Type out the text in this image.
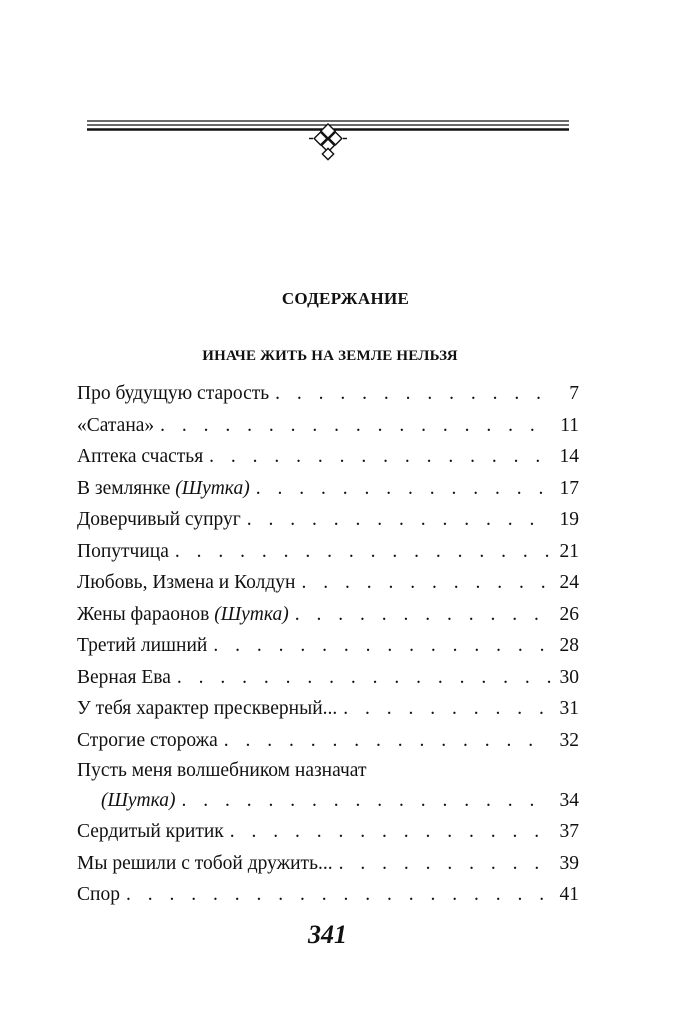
СОДЕРЖАНИЕ
ИНАЧЕ ЖИТЬ НА ЗЕМЛЕ НЕЛЬЗЯ
Про будущую старость . . .	7
«Сатана» . . .	11
Аптека счастья . . .	14
В землянке (Шутка) . . .	17
Доверчивый супруг . . .	19
Попутчица . . .	21
Любовь, Измена и Колдун . . .	24
Жены фараонов (Шутка) . . .	26
Третий лишний . . .	28
Верная Ева . . .	30
У тебя характер прескверный... . . .	31
Строгие сторожа . . .	32
Пусть меня волшебником назначат
(Шутка) . . .	34
Сердитый критик . . .	37
Мы решили с тобой дружить... . . .	39
Спор . . .	41
341
